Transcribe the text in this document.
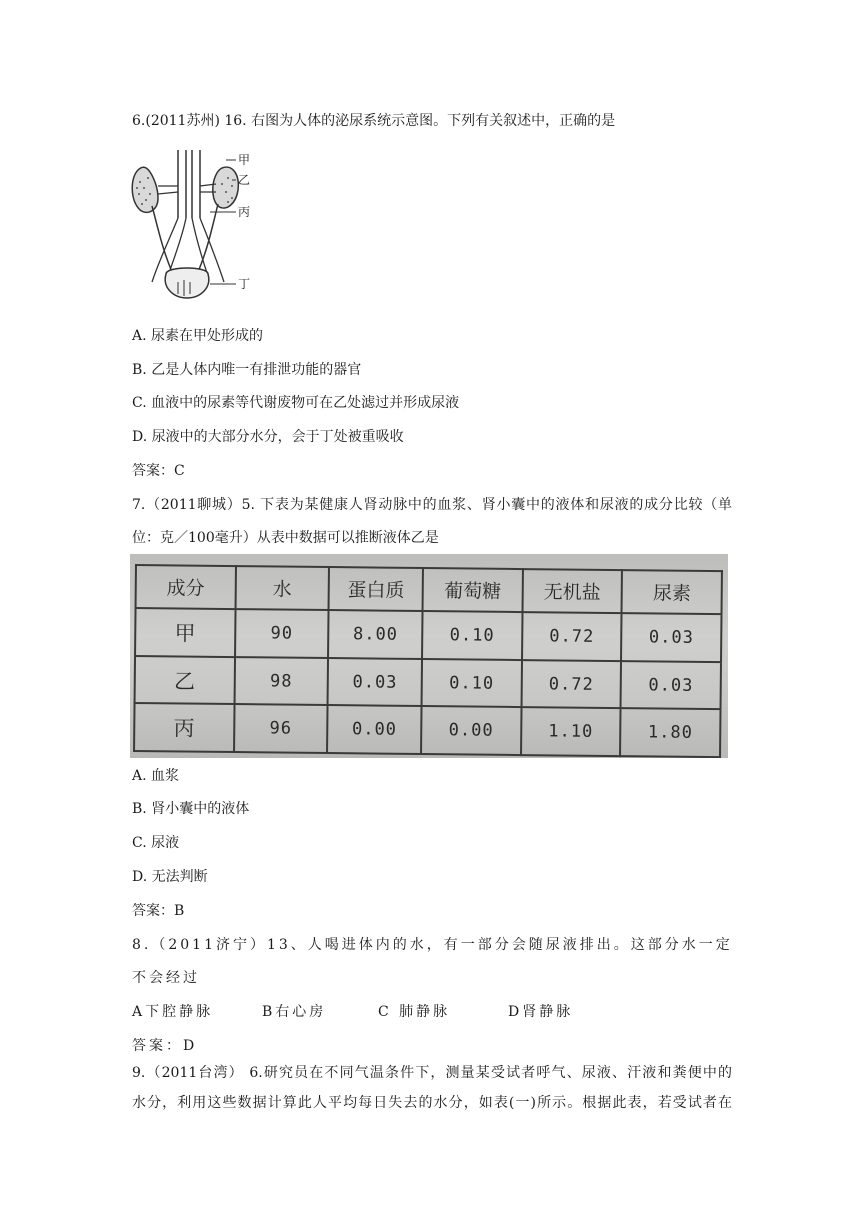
6.(2011苏州) 16. 右图为人体的泌尿系统示意图。下列有关叙述中，正确的是
甲
乙
丙
丁
A. 尿素在甲处形成的
B. 乙是人体内唯一有排泄功能的器官
C. 血液中的尿素等代谢废物可在乙处滤过并形成尿液
D. 尿液中的大部分水分，会于丁处被重吸收
答案：C
7.（2011聊城）5. 下表为某健康人肾动脉中的血浆、肾小囊中的液体和尿液的成分比较（单
位：克／100毫升）从表中数据可以推断液体乙是
成分	水	蛋白质	葡萄糖	无机盐	尿素
甲	90	8.00	0.10	0.72	0.03
乙	98	0.03	0.10	0.72	0.03
丙	96	0.00	0.00	1.10	1.80
A. 血浆
B. 肾小囊中的液体
C. 尿液
D. 无法判断
答案：B
8.（2011济宁）13、人喝进体内的水，有一部分会随尿液排出。这部分水一定
不会经过
A下腔静脉	B右心房	C 肺静脉	D肾静脉
答案：D
9.（2011台湾） 6.研究员在不同气温条件下，测量某受试者呼气、尿液、汗液和粪便中的
水分，利用这些数据计算此人平均每日失去的水分，如表(一)所示。根据此表，若受试者在
